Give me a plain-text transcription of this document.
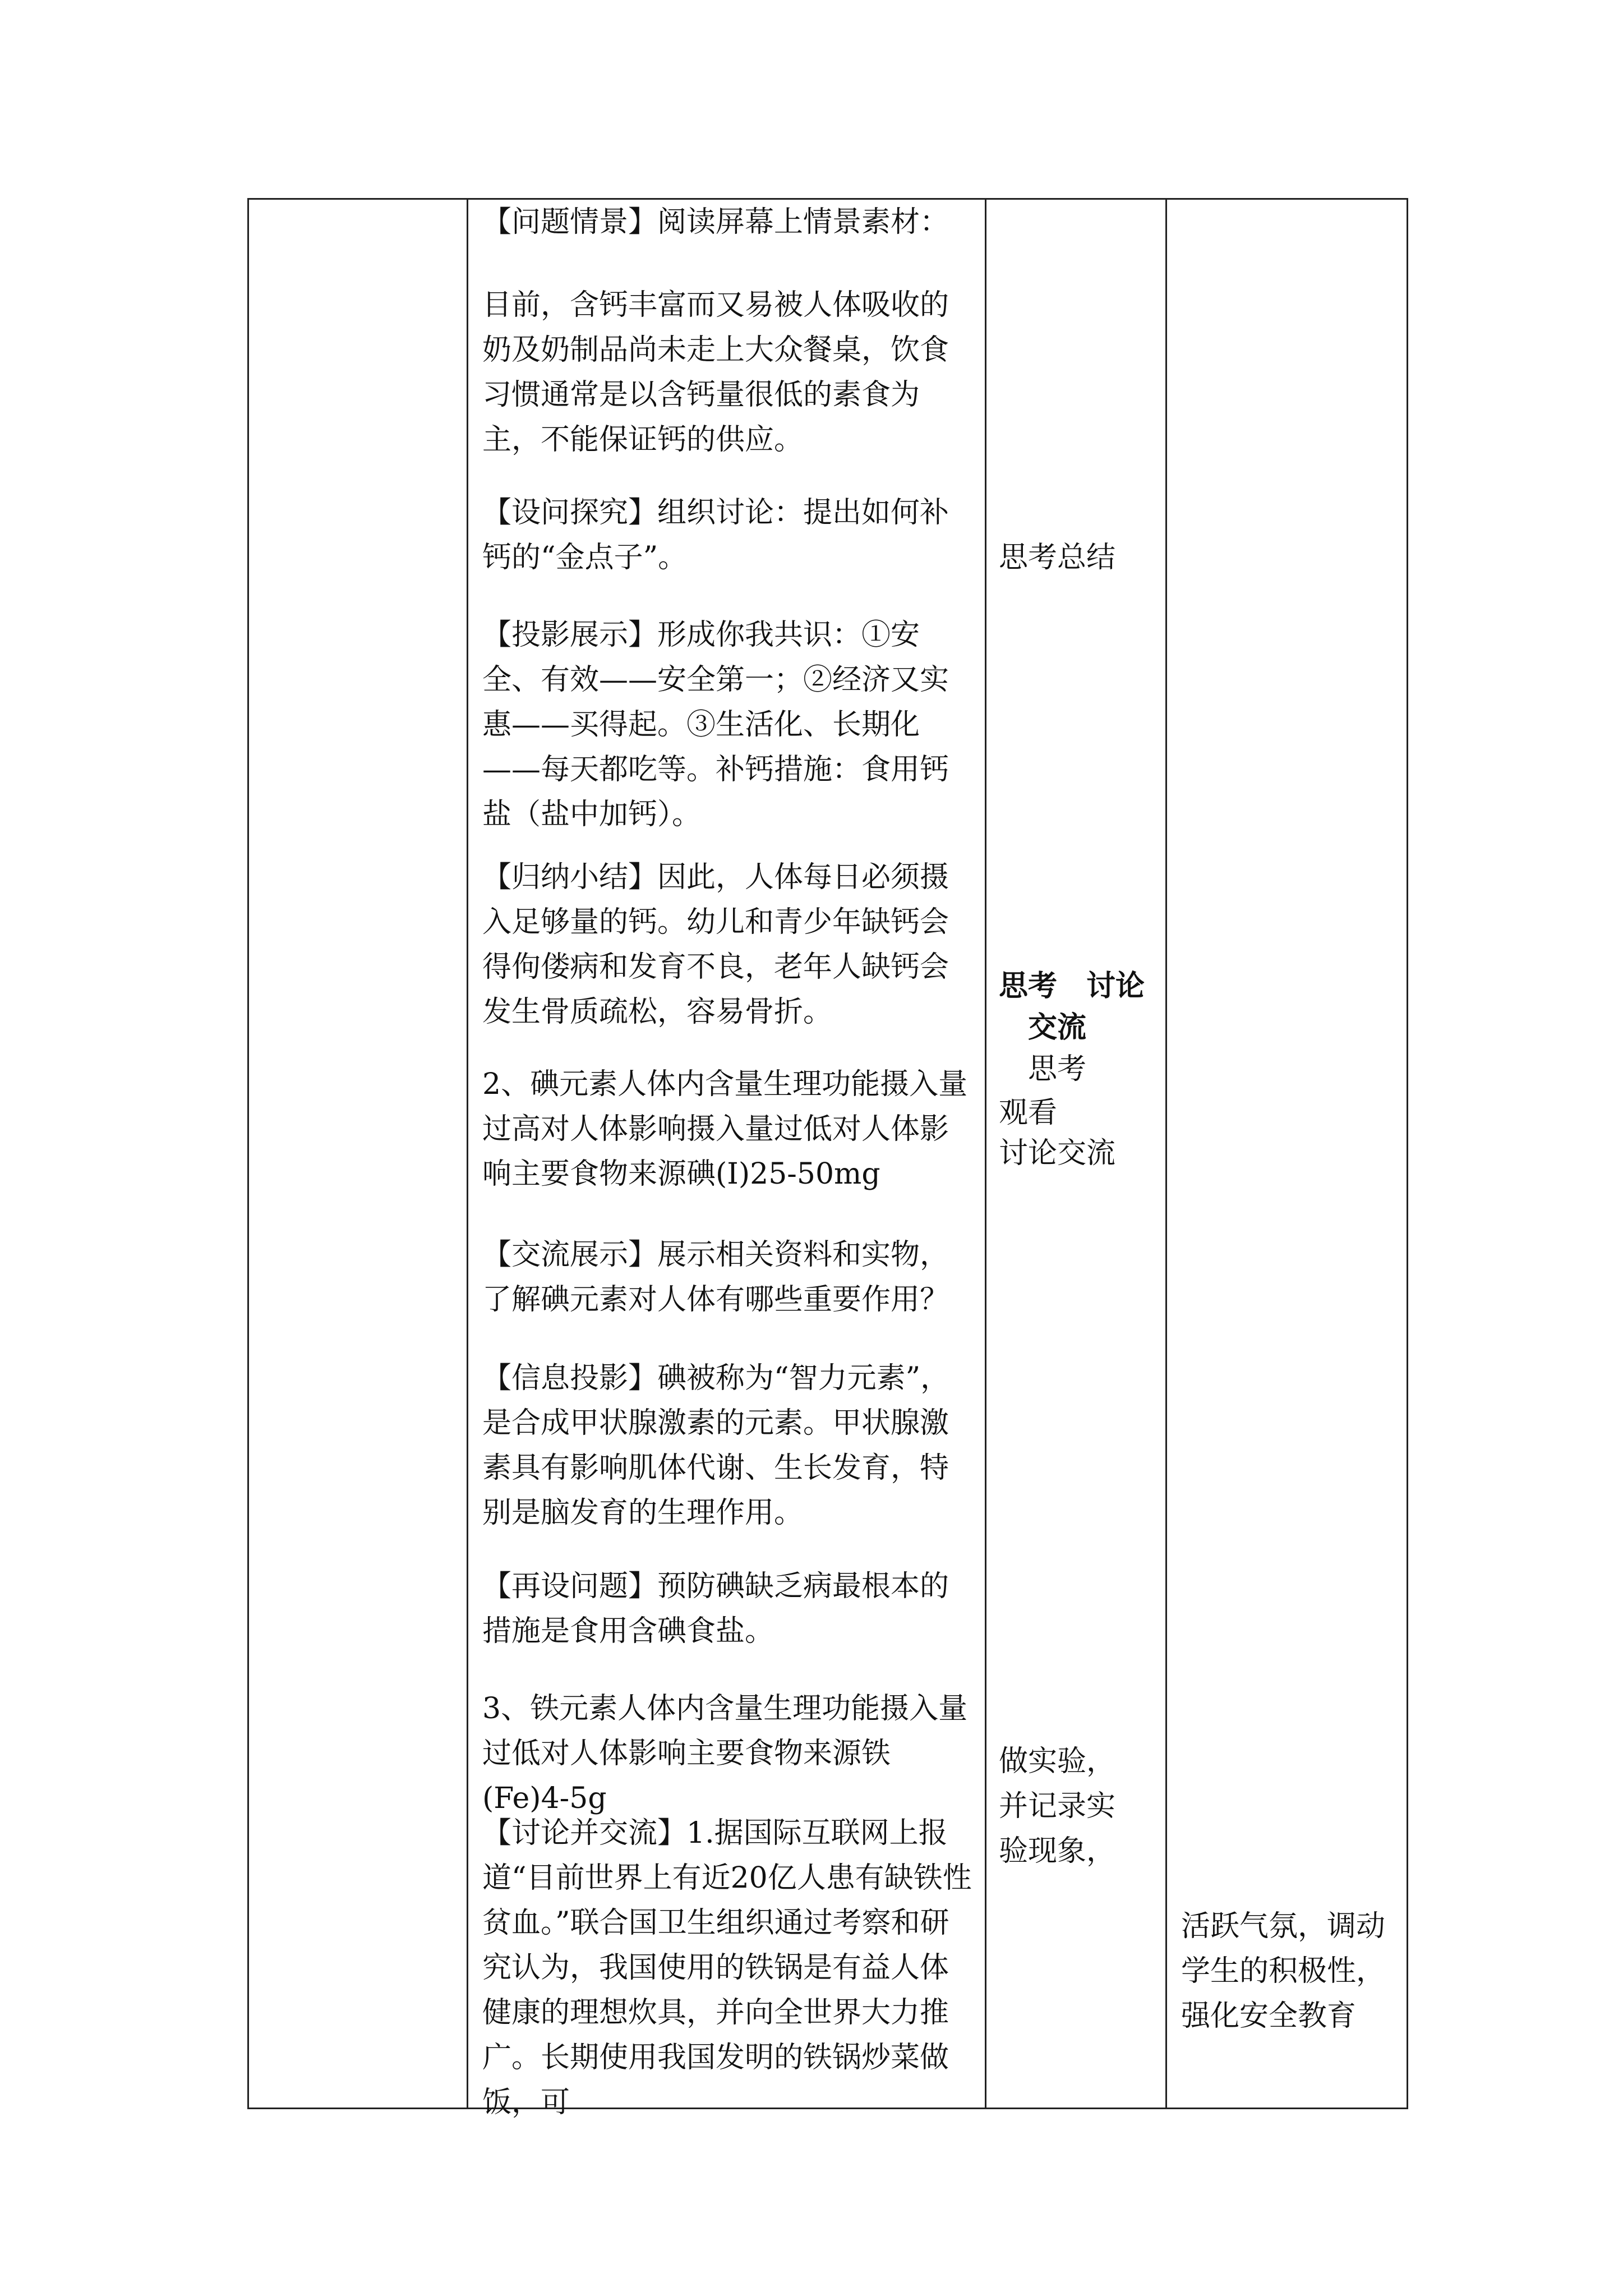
【问题情景】阅读屏幕上情景素材：

目前，含钙丰富而又易被人体吸收的奶及奶制品尚未走上大众餐桌，饮食习惯通常是以含钙量很低的素食为主，不能保证钙的供应。

【设问探究】组织讨论：提出如何补钙的“金点子”。

【投影展示】形成你我共识：①安全、有效——安全第一；②经济又实惠——买得起。③生活化、长期化——每天都吃等。补钙措施：食用钙盐（盐中加钙）。

【归纳小结】因此，人体每日必须摄入足够量的钙。幼儿和青少年缺钙会得佝偻病和发育不良，老年人缺钙会发生骨质疏松，容易骨折。

2、碘元素人体内含量生理功能摄入量过高对人体影响摄入量过低对人体影响主要食物来源碘(I)25-50mg

【交流展示】展示相关资料和实物，了解碘元素对人体有哪些重要作用？

【信息投影】碘被称为“智力元素”，是合成甲状腺激素的元素。甲状腺激素具有影响肌体代谢、生长发育，特别是脑发育的生理作用。

【再设问题】预防碘缺乏病最根本的措施是食用含碘食盐。

3、铁元素人体内含量生理功能摄入量过低对人体影响主要食物来源铁(Fe)4-5g

【讨论并交流】1.据国际互联网上报道“目前世界上有近20亿人患有缺铁性贫血。”联合国卫生组织通过考察和研究认为，我国使用的铁锅是有益人体健康的理想炊具，并向全世界大力推广。长期使用我国发明的铁锅炒菜做饭，可

思考总结

思考　讨论

交流

思考

观看

讨论交流

做实验，并记录实验现象，

活跃气氛，调动学生的积极性，强化安全教育
